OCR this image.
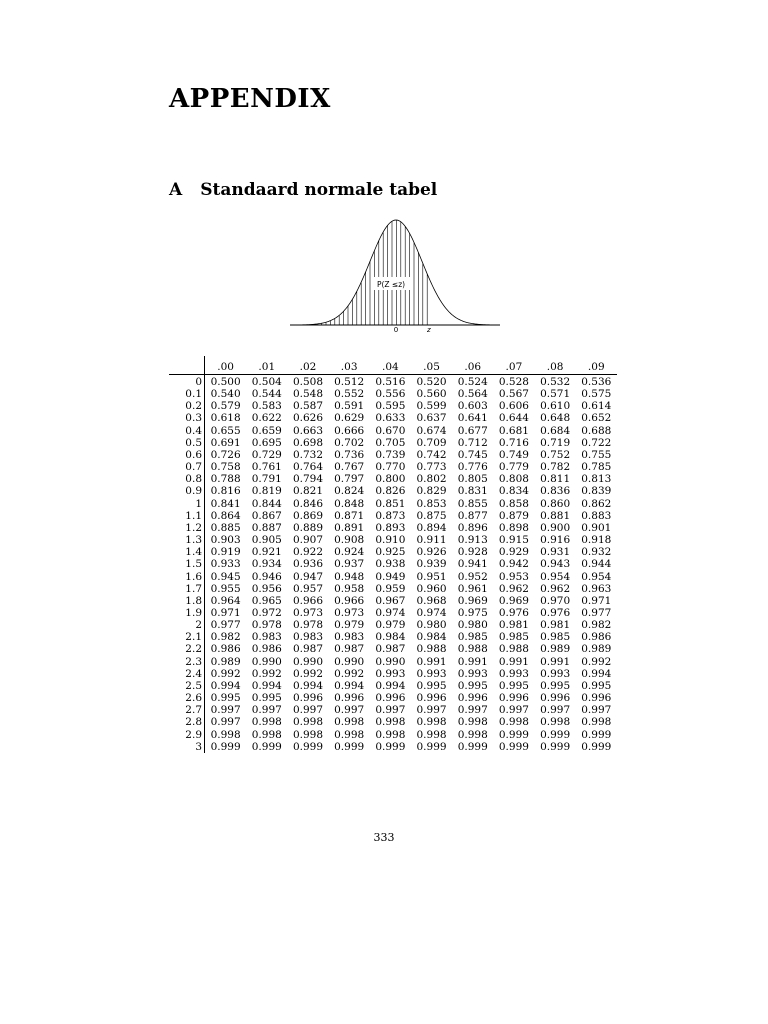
APPENDIX
A Standaard normale tabel
P(Z ≤z)
0	z
	.00	.01	.02	.03	.04	.05	.06	.07	.08	.09
0	0.500	0.504	0.508	0.512	0.516	0.520	0.524	0.528	0.532	0.536
0.1	0.540	0.544	0.548	0.552	0.556	0.560	0.564	0.567	0.571	0.575
0.2	0.579	0.583	0.587	0.591	0.595	0.599	0.603	0.606	0.610	0.614
0.3	0.618	0.622	0.626	0.629	0.633	0.637	0.641	0.644	0.648	0.652
0.4	0.655	0.659	0.663	0.666	0.670	0.674	0.677	0.681	0.684	0.688
0.5	0.691	0.695	0.698	0.702	0.705	0.709	0.712	0.716	0.719	0.722
0.6	0.726	0.729	0.732	0.736	0.739	0.742	0.745	0.749	0.752	0.755
0.7	0.758	0.761	0.764	0.767	0.770	0.773	0.776	0.779	0.782	0.785
0.8	0.788	0.791	0.794	0.797	0.800	0.802	0.805	0.808	0.811	0.813
0.9	0.816	0.819	0.821	0.824	0.826	0.829	0.831	0.834	0.836	0.839
1	0.841	0.844	0.846	0.848	0.851	0.853	0.855	0.858	0.860	0.862
1.1	0.864	0.867	0.869	0.871	0.873	0.875	0.877	0.879	0.881	0.883
1.2	0.885	0.887	0.889	0.891	0.893	0.894	0.896	0.898	0.900	0.901
1.3	0.903	0.905	0.907	0.908	0.910	0.911	0.913	0.915	0.916	0.918
1.4	0.919	0.921	0.922	0.924	0.925	0.926	0.928	0.929	0.931	0.932
1.5	0.933	0.934	0.936	0.937	0.938	0.939	0.941	0.942	0.943	0.944
1.6	0.945	0.946	0.947	0.948	0.949	0.951	0.952	0.953	0.954	0.954
1.7	0.955	0.956	0.957	0.958	0.959	0.960	0.961	0.962	0.962	0.963
1.8	0.964	0.965	0.966	0.966	0.967	0.968	0.969	0.969	0.970	0.971
1.9	0.971	0.972	0.973	0.973	0.974	0.974	0.975	0.976	0.976	0.977
2	0.977	0.978	0.978	0.979	0.979	0.980	0.980	0.981	0.981	0.982
2.1	0.982	0.983	0.983	0.983	0.984	0.984	0.985	0.985	0.985	0.986
2.2	0.986	0.986	0.987	0.987	0.987	0.988	0.988	0.988	0.989	0.989
2.3	0.989	0.990	0.990	0.990	0.990	0.991	0.991	0.991	0.991	0.992
2.4	0.992	0.992	0.992	0.992	0.993	0.993	0.993	0.993	0.993	0.994
2.5	0.994	0.994	0.994	0.994	0.994	0.995	0.995	0.995	0.995	0.995
2.6	0.995	0.995	0.996	0.996	0.996	0.996	0.996	0.996	0.996	0.996
2.7	0.997	0.997	0.997	0.997	0.997	0.997	0.997	0.997	0.997	0.997
2.8	0.997	0.998	0.998	0.998	0.998	0.998	0.998	0.998	0.998	0.998
2.9	0.998	0.998	0.998	0.998	0.998	0.998	0.998	0.999	0.999	0.999
3	0.999	0.999	0.999	0.999	0.999	0.999	0.999	0.999	0.999	0.999
333
